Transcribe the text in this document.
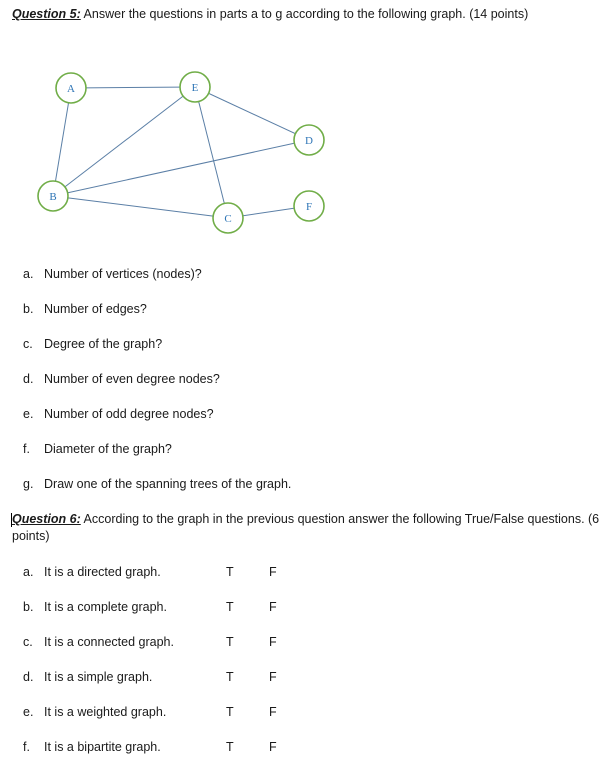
Question 5: Answer the questions in parts a to g according to the following graph. (14 points)
A	E
D
B
F
C
a. Number of vertices (nodes)?
b. Number of edges?
c. Degree of the graph?
d. Number of even degree nodes?
e. Number of odd degree nodes?
f. Diameter of the graph?
g. Draw one of the spanning trees of the graph.
Question 6: According to the graph in the previous question answer the following True/False questions. (6 points)
a. It is a directed graph.	T	F
b. It is a complete graph.	T	F
c. It is a connected graph.	T	F
d. It is a simple graph.	T	F
e. It is a weighted graph.	T	F
f. It is a bipartite graph.	T	F
